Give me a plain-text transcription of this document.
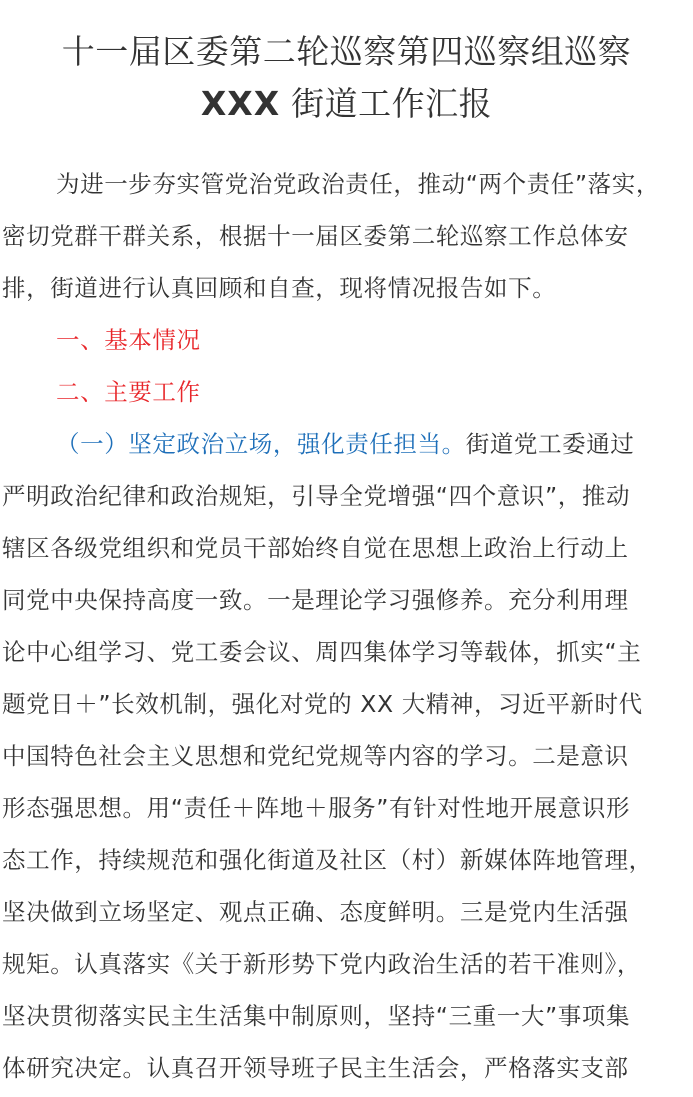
十一届区委第二轮巡察第四巡察组巡察
XXX 街道工作汇报
为进一步夯实管党治党政治责任，推动“两个责任”落实，
密切党群干群关系，根据十一届区委第二轮巡察工作总体安
排，街道进行认真回顾和自查，现将情况报告如下。
一、基本情况
二、主要工作
（一）坚定政治立场，强化责任担当。街道党工委通过
严明政治纪律和政治规矩，引导全党增强“四个意识”，推动
辖区各级党组织和党员干部始终自觉在思想上政治上行动上
同党中央保持高度一致。一是理论学习强修养。充分利用理
论中心组学习、党工委会议、周四集体学习等载体，抓实“主
题党日＋”长效机制，强化对党的 XX 大精神，习近平新时代
中国特色社会主义思想和党纪党规等内容的学习。二是意识
形态强思想。用“责任＋阵地＋服务”有针对性地开展意识形
态工作，持续规范和强化街道及社区（村）新媒体阵地管理，
坚决做到立场坚定、观点正确、态度鲜明。三是党内生活强
规矩。认真落实《关于新形势下党内政治生活的若干准则》，
坚决贯彻落实民主生活集中制原则，坚持“三重一大”事项集
体研究决定。认真召开领导班子民主生活会，严格落实支部
